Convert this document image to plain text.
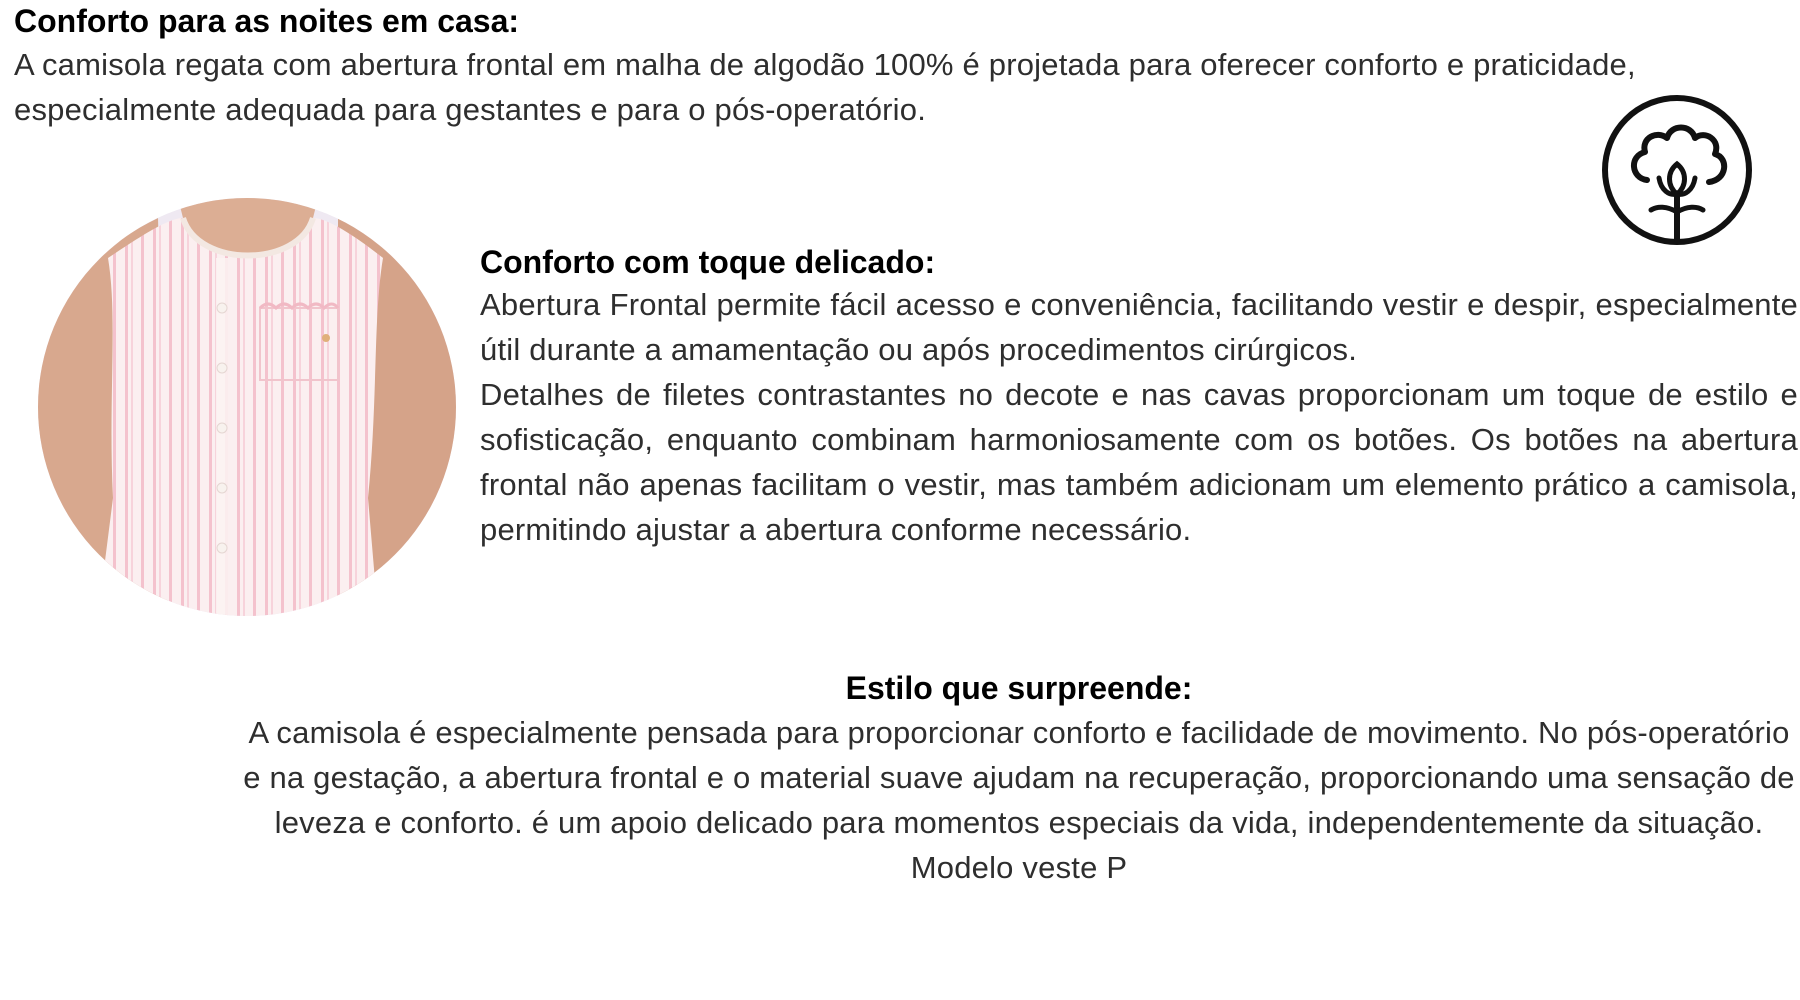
Conforto para as noites em casa:

A camisola regata com abertura frontal em malha de algodão 100% é projetada para oferecer conforto e praticidade, especialmente adequada para gestantes e para o pós-operatório.

Conforto com toque delicado:

Abertura Frontal permite fácil acesso e conveniência, facilitando vestir e despir, especialmente útil durante a amamentação ou após procedimentos cirúrgicos.

Detalhes de filetes contrastantes no decote e nas cavas proporcionam um toque de estilo e sofisticação, enquanto combinam harmoniosamente com os botões. Os botões na abertura frontal não apenas facilitam o vestir, mas também adicionam um elemento prático a camisola, permitindo ajustar a abertura conforme necessário.

Estilo que surpreende:

A camisola é especialmente pensada para proporcionar conforto e facilidade de movimento. No pós-operatório e na gestação, a abertura frontal e o material suave ajudam na recuperação, proporcionando uma sensação de leveza e conforto. é um apoio delicado para momentos especiais da vida, independentemente da situação.

Modelo veste P
